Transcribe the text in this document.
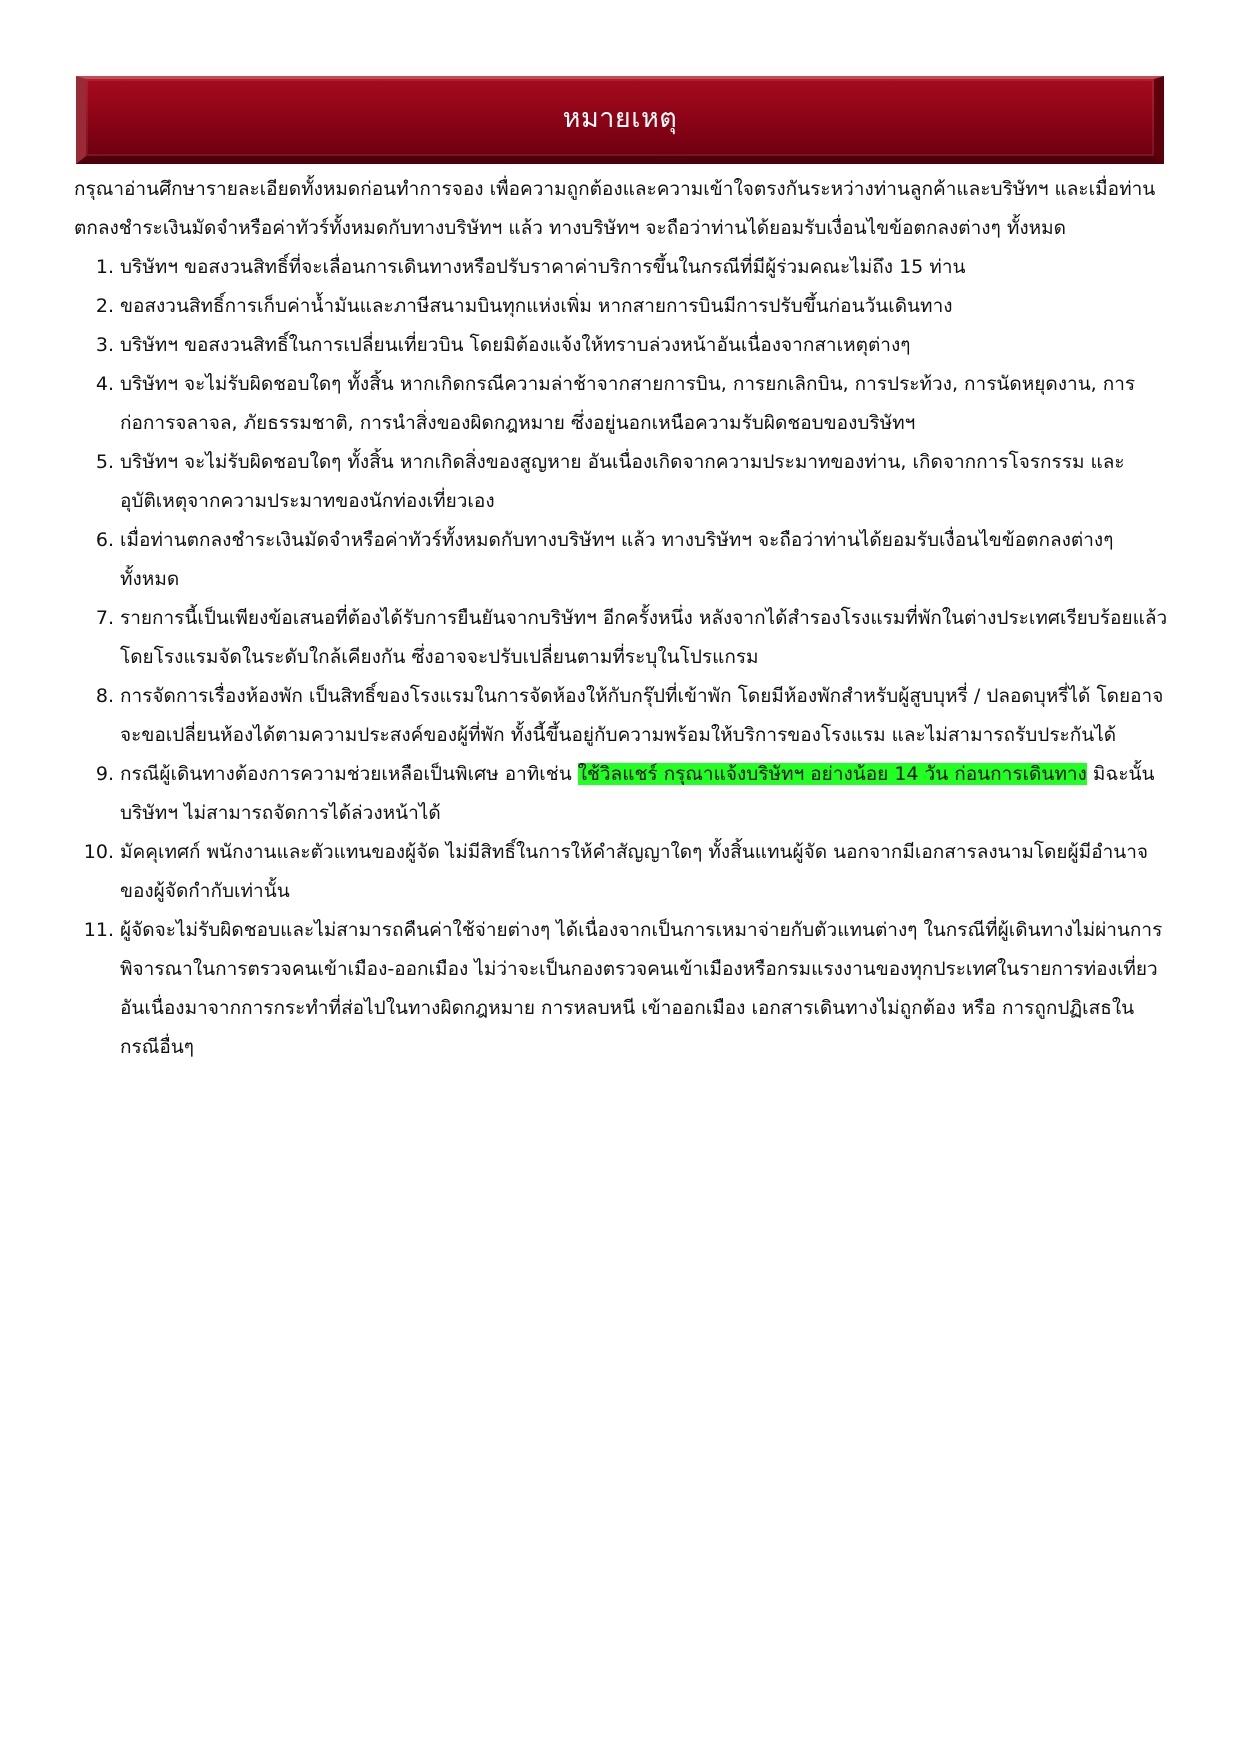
หมายเหตุ

กรุณาอ่านศึกษารายละเอียดทั้งหมดก่อนทำการจอง เพื่อความถูกต้องและความเข้าใจตรงกันระหว่างท่านลูกค้าและบริษัทฯ และเมื่อท่านตกลงชำระเงินมัดจำหรือค่าทัวร์ทั้งหมดกับทางบริษัทฯ แล้ว ทางบริษัทฯ จะถือว่าท่านได้ยอมรับเงื่อนไขข้อตกลงต่างๆ ทั้งหมด

1. บริษัทฯ ขอสงวนสิทธิ์ที่จะเลื่อนการเดินทางหรือปรับราคาค่าบริการขึ้นในกรณีที่มีผู้ร่วมคณะไม่ถึง 15 ท่าน
2. ขอสงวนสิทธิ์การเก็บค่าน้ำมันและภาษีสนามบินทุกแห่งเพิ่ม หากสายการบินมีการปรับขึ้นก่อนวันเดินทาง
3. บริษัทฯ ขอสงวนสิทธิ์ในการเปลี่ยนเที่ยวบิน โดยมิต้องแจ้งให้ทราบล่วงหน้าอันเนื่องจากสาเหตุต่างๆ
4. บริษัทฯ จะไม่รับผิดชอบใดๆ ทั้งสิ้น หากเกิดกรณีความล่าช้าจากสายการบิน, การยกเลิกบิน, การประท้วง, การนัดหยุดงาน, การก่อการจลาจล, ภัยธรรมชาติ, การนำสิ่งของผิดกฎหมาย ซึ่งอยู่นอกเหนือความรับผิดชอบของบริษัทฯ
5. บริษัทฯ จะไม่รับผิดชอบใดๆ ทั้งสิ้น หากเกิดสิ่งของสูญหาย อันเนื่องเกิดจากความประมาทของท่าน, เกิดจากการโจรกรรม และ อุบัติเหตุจากความประมาทของนักท่องเที่ยวเอง
6. เมื่อท่านตกลงชำระเงินมัดจำหรือค่าทัวร์ทั้งหมดกับทางบริษัทฯ แล้ว ทางบริษัทฯ จะถือว่าท่านได้ยอมรับเงื่อนไขข้อตกลงต่างๆ ทั้งหมด
7. รายการนี้เป็นเพียงข้อเสนอที่ต้องได้รับการยืนยันจากบริษัทฯ อีกครั้งหนึ่ง หลังจากได้สำรองโรงแรมที่พักในต่างประเทศเรียบร้อยแล้ว โดยโรงแรมจัดในระดับใกล้เคียงกัน ซึ่งอาจจะปรับเปลี่ยนตามที่ระบุในโปรแกรม
8. การจัดการเรื่องห้องพัก เป็นสิทธิ์ของโรงแรมในการจัดห้องให้กับกรุ๊ปที่เข้าพัก โดยมีห้องพักสำหรับผู้สูบบุหรี่ / ปลอดบุหรี่ได้ โดยอาจจะขอเปลี่ยนห้องได้ตามความประสงค์ของผู้ที่พัก ทั้งนี้ขึ้นอยู่กับความพร้อมให้บริการของโรงแรม และไม่สามารถรับประกันได้
9. กรณีผู้เดินทางต้องการความช่วยเหลือเป็นพิเศษ อาทิเช่น ใช้วิลแชร์ กรุณาแจ้งบริษัทฯ อย่างน้อย 14 วัน ก่อนการเดินทาง มิฉะนั้น บริษัทฯ ไม่สามารถจัดการได้ล่วงหน้าได้
10. มัคคุเทศก์ พนักงานและตัวแทนของผู้จัด ไม่มีสิทธิ์ในการให้คำสัญญาใดๆ ทั้งสิ้นแทนผู้จัด นอกจากมีเอกสารลงนามโดยผู้มีอำนาจของผู้จัดกำกับเท่านั้น
11. ผู้จัดจะไม่รับผิดชอบและไม่สามารถคืนค่าใช้จ่ายต่างๆ ได้เนื่องจากเป็นการเหมาจ่ายกับตัวแทนต่างๆ ในกรณีที่ผู้เดินทางไม่ผ่านการพิจารณาในการตรวจคนเข้าเมือง-ออกเมือง ไม่ว่าจะเป็นกองตรวจคนเข้าเมืองหรือกรมแรงงานของทุกประเทศในรายการท่องเที่ยว อันเนื่องมาจากการกระทำที่ส่อไปในทางผิดกฎหมาย การหลบหนี เข้าออกเมือง เอกสารเดินทางไม่ถูกต้อง หรือ การถูกปฏิเสธในกรณีอื่นๆ
